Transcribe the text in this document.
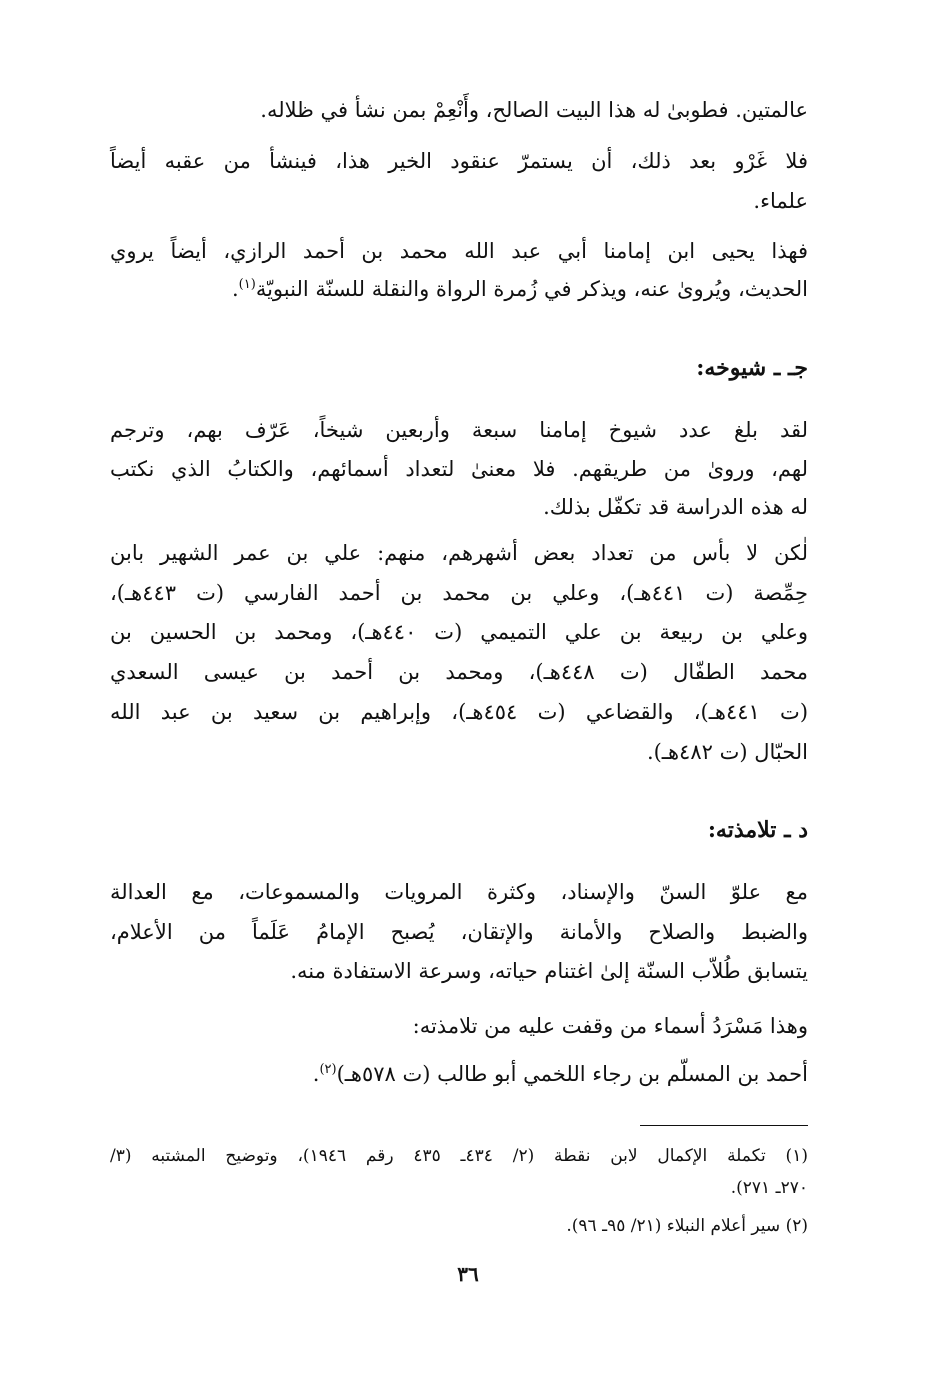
عالمتين. فطوبىٰ له هذا البيت الصالح، وأَنْعِمْ بمن نشأ في ظلاله.
فلا غَرْو بعد ذلك، أن يستمرّ عنقود الخير هذا، فينشأ من عقبه أيضاً
علماء.
فهذا يحيى ابن إمامنا أبي عبد الله محمد بن أحمد الرازي، أيضاً يروي
الحديث، ويُروىٰ عنه، ويذكر في زُمرة الرواة والنقلة للسنّة النبويّة$^{(١)}$.
جـ ـ شيوخه:
لقد بلغ عدد شيوخ إمامنا سبعة وأربعين شيخاً، عَرّف بهم، وترجم
لهم، وروىٰ من طريقهم. فلا معنىٰ لتعداد أسمائهم، والكتابُ الذي نكتب
له هذه الدراسة قد تكفّل بذلك.
لٰكن لا بأس من تعداد بعض أشهرهم، منهم: علي بن عمر الشهير بابن
حِمِّصة (ت ٤٤١هـ)، وعلي بن محمد بن أحمد الفارسي (ت ٤٤٣هـ)،
وعلي بن ربيعة بن علي التميمي (ت ٤٤٠هـ)، ومحمد بن الحسين بن
محمد الطفّال (ت ٤٤٨هـ)، ومحمد بن أحمد بن عيسى السعدي
(ت ٤٤١هـ)، والقضاعي (ت ٤٥٤هـ)، وإبراهيم بن سعيد بن عبد الله
الحبّال (ت ٤٨٢هـ).
د ـ تلامذته:
مع علوّ السنّ والإسناد، وكثرة المرويات والمسموعات، مع العدالة
والضبط والصلاح والأمانة والإتقان، يُصبح الإمامُ عَلَماً من الأعلام،
يتسابق طُلاّب السنّة إلىٰ اغتنام حياته، وسرعة الاستفادة منه.
وهذا مَسْرَدُ أسماء من وقفت عليه من تلامذته:
أحمد بن المسلّم بن رجاء اللخمي أبو طالب (ت ٥٧٨هـ)$^{(٢)}$.
(١) تكملة الإكمال لابن نقطة (٢/ ٤٣٤ـ ٤٣٥ رقم ١٩٤٦)، وتوضيح المشتبه (٣/
٢٧٠ـ ٢٧١).
(٢) سير أعلام النبلاء (٢١/ ٩٥ـ ٩٦).
٣٦
